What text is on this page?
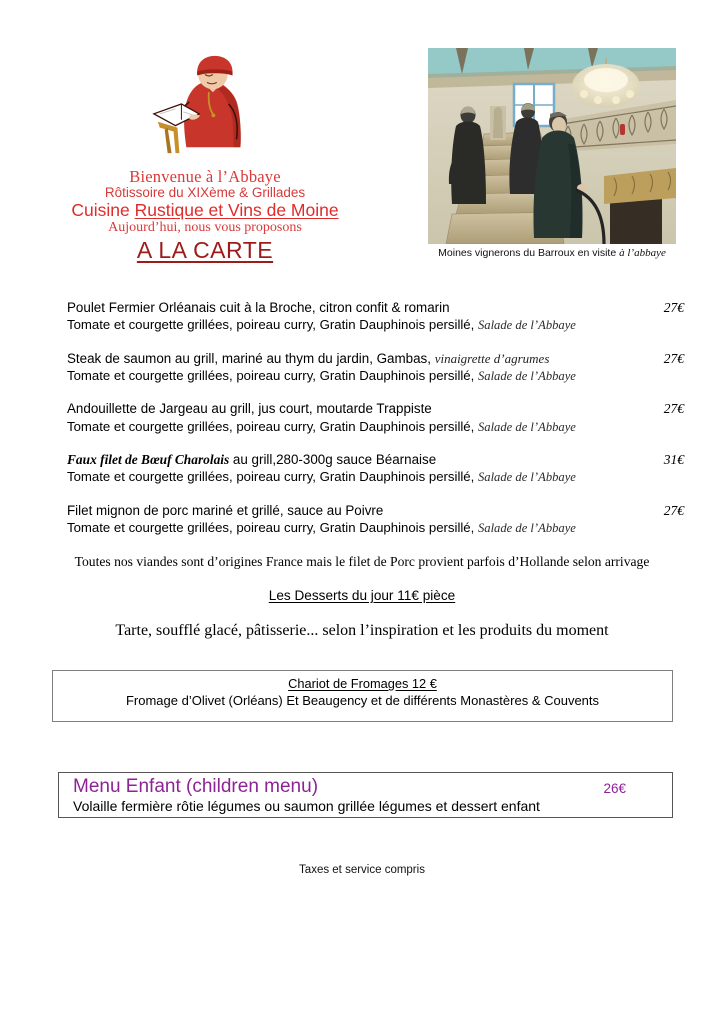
Bienvenue à l’Abbaye
Rôtissoire du XIXème & Grillades
Cuisine Rustique et Vins de Moine
Aujourd’hui, nous vous proposons
A LA CARTE	Moines vignerons du Barroux en visite à l’abbaye
Poulet Fermier Orléanais cuit à la Broche, citron confit & romarin
Tomate et courgette grillées, poireau curry, Gratin Dauphinois persillé, Salade de l’Abbaye
27€
Steak de saumon au grill, mariné au thym du jardin, Gambas, vinaigrette d’agrumes
Tomate et courgette grillées, poireau curry, Gratin Dauphinois persillé, Salade de l’Abbaye
27€
Andouillette de Jargeau au grill, jus court, moutarde Trappiste
Tomate et courgette grillées, poireau curry, Gratin Dauphinois persillé, Salade de l’Abbaye
27€
Faux filet de Bœuf Charolais au grill,280-300g sauce Béarnaise
Tomate et courgette grillées, poireau curry, Gratin Dauphinois persillé, Salade de l’Abbaye
31€
Filet mignon de porc mariné et grillé, sauce au Poivre
Tomate et courgette grillées, poireau curry, Gratin Dauphinois persillé, Salade de l’Abbaye
27€
Toutes nos viandes sont d’origines France mais le filet de Porc provient parfois d’Hollande selon arrivage
Les Desserts du jour 11€ pièce
Tarte, soufflé glacé, pâtisserie... selon l’inspiration et les produits du moment
Chariot de Fromages 12 €
Fromage d’Olivet (Orléans) Et Beaugency et de différents Monastères & Couvents
Menu Enfant (children menu)	26€
Volaille fermière rôtie légumes ou saumon grillée légumes et dessert enfant
Taxes et service compris
